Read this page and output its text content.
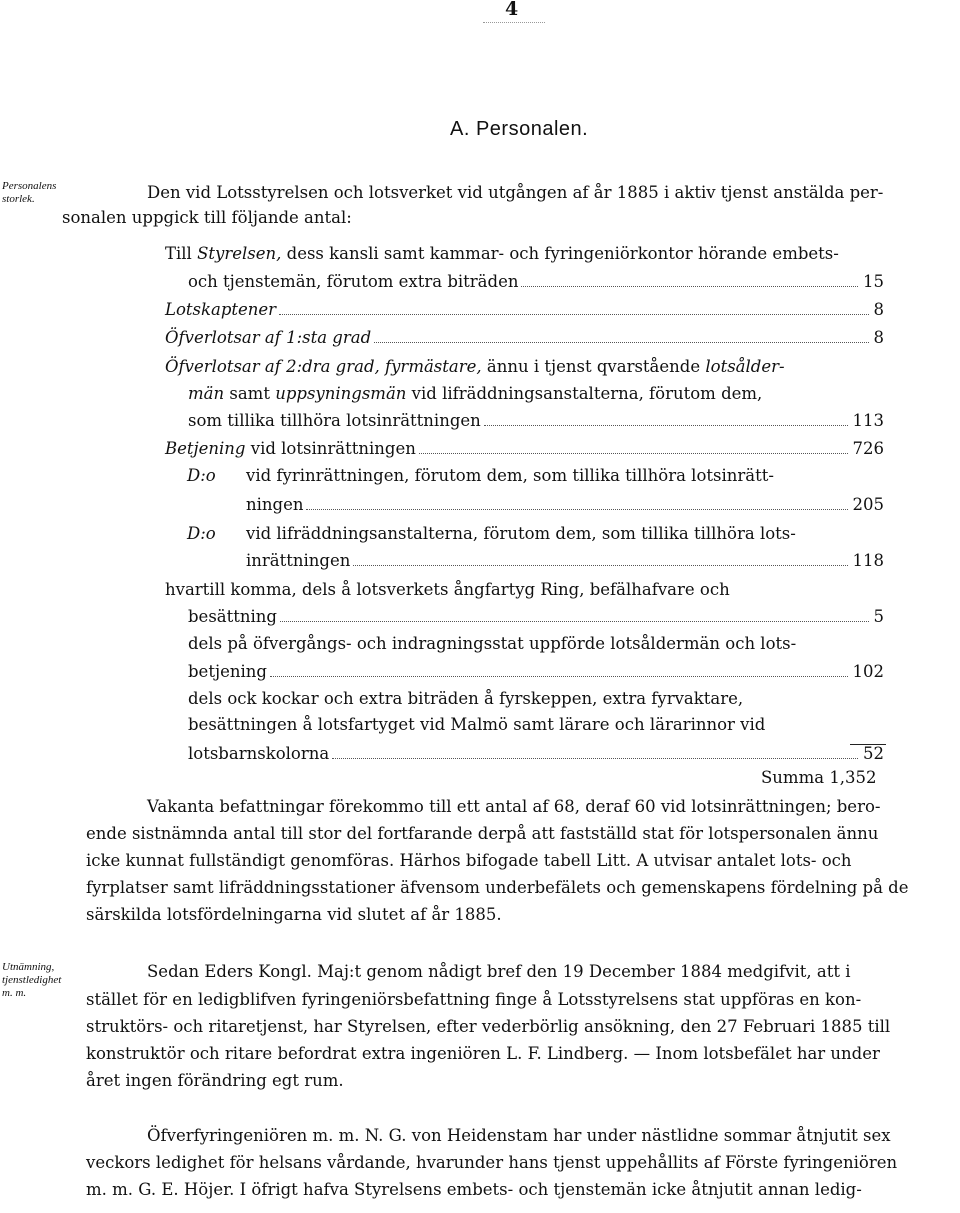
4
A. Personalen.
Personalens
storlek.
Utnämning,
tjenstledighet
m. m.
Den vid Lotsstyrelsen och lotsverket vid utgången af år 1885 i aktiv tjenst anstälda per-
sonalen uppgick till följande antal:
Till Styrelsen, dess kansli samt kammar- och fyringeniörkontor hörande embets-
och tjenstemän, förutom extra biträden	15
Lotskaptener	8
Öfverlotsar af 1:sta grad	8
Öfverlotsar af 2:dra grad, fyrmästare, ännu i tjenst qvarstående lotsålder-
män samt uppsyningsmän vid lifräddningsanstalterna, förutom dem,
som tillika tillhöra lotsinrättningen	113
Betjening vid lotsinrättningen	726
D:o vid fyrinrättningen, förutom dem, som tillika tillhöra lotsinrätt-
ningen	205
D:o vid lifräddningsanstalterna, förutom dem, som tillika tillhöra lots-
inrättningen	118
hvartill komma, dels å lotsverkets ångfartyg Ring, befälhafvare och
besättning	5
dels på öfvergångs- och indragningsstat uppförde lotsåldermän och lots-
betjening	102
dels ock kockar och extra biträden å fyrskeppen, extra fyrvaktare,
besättningen å lotsfartyget vid Malmö samt lärare och lärarinnor vid
lotsbarnskolorna	52
Summa 1,352
Vakanta befattningar förekommo till ett antal af 68, deraf 60 vid lotsinrättningen; bero-
ende sistnämnda antal till stor del fortfarande derpå att fastställd stat för lotspersonalen ännu
icke kunnat fullständigt genomföras. Härhos bifogade tabell Litt. A utvisar antalet lots- och
fyrplatser samt lifräddningsstationer äfvensom underbefälets och gemenskapens fördelning på de
särskilda lotsfördelningarna vid slutet af år 1885.
Sedan Eders Kongl. Maj:t genom nådigt bref den 19 December 1884 medgifvit, att i
stället för en ledigblifven fyringeniörsbefattning finge å Lotsstyrelsens stat uppföras en kon-
struktörs- och ritaretjenst, har Styrelsen, efter vederbörlig ansökning, den 27 Februari 1885 till
konstruktör och ritare befordrat extra ingeniören L. F. Lindberg. — Inom lotsbefälet har under
året ingen förändring egt rum.
Öfverfyringeniören m. m. N. G. von Heidenstam har under nästlidne sommar åtnjutit sex
veckors ledighet för helsans vårdande, hvarunder hans tjenst uppehållits af Förste fyringeniören
m. m. G. E. Höjer. I öfrigt hafva Styrelsens embets- och tjenstemän icke åtnjutit annan ledig-
